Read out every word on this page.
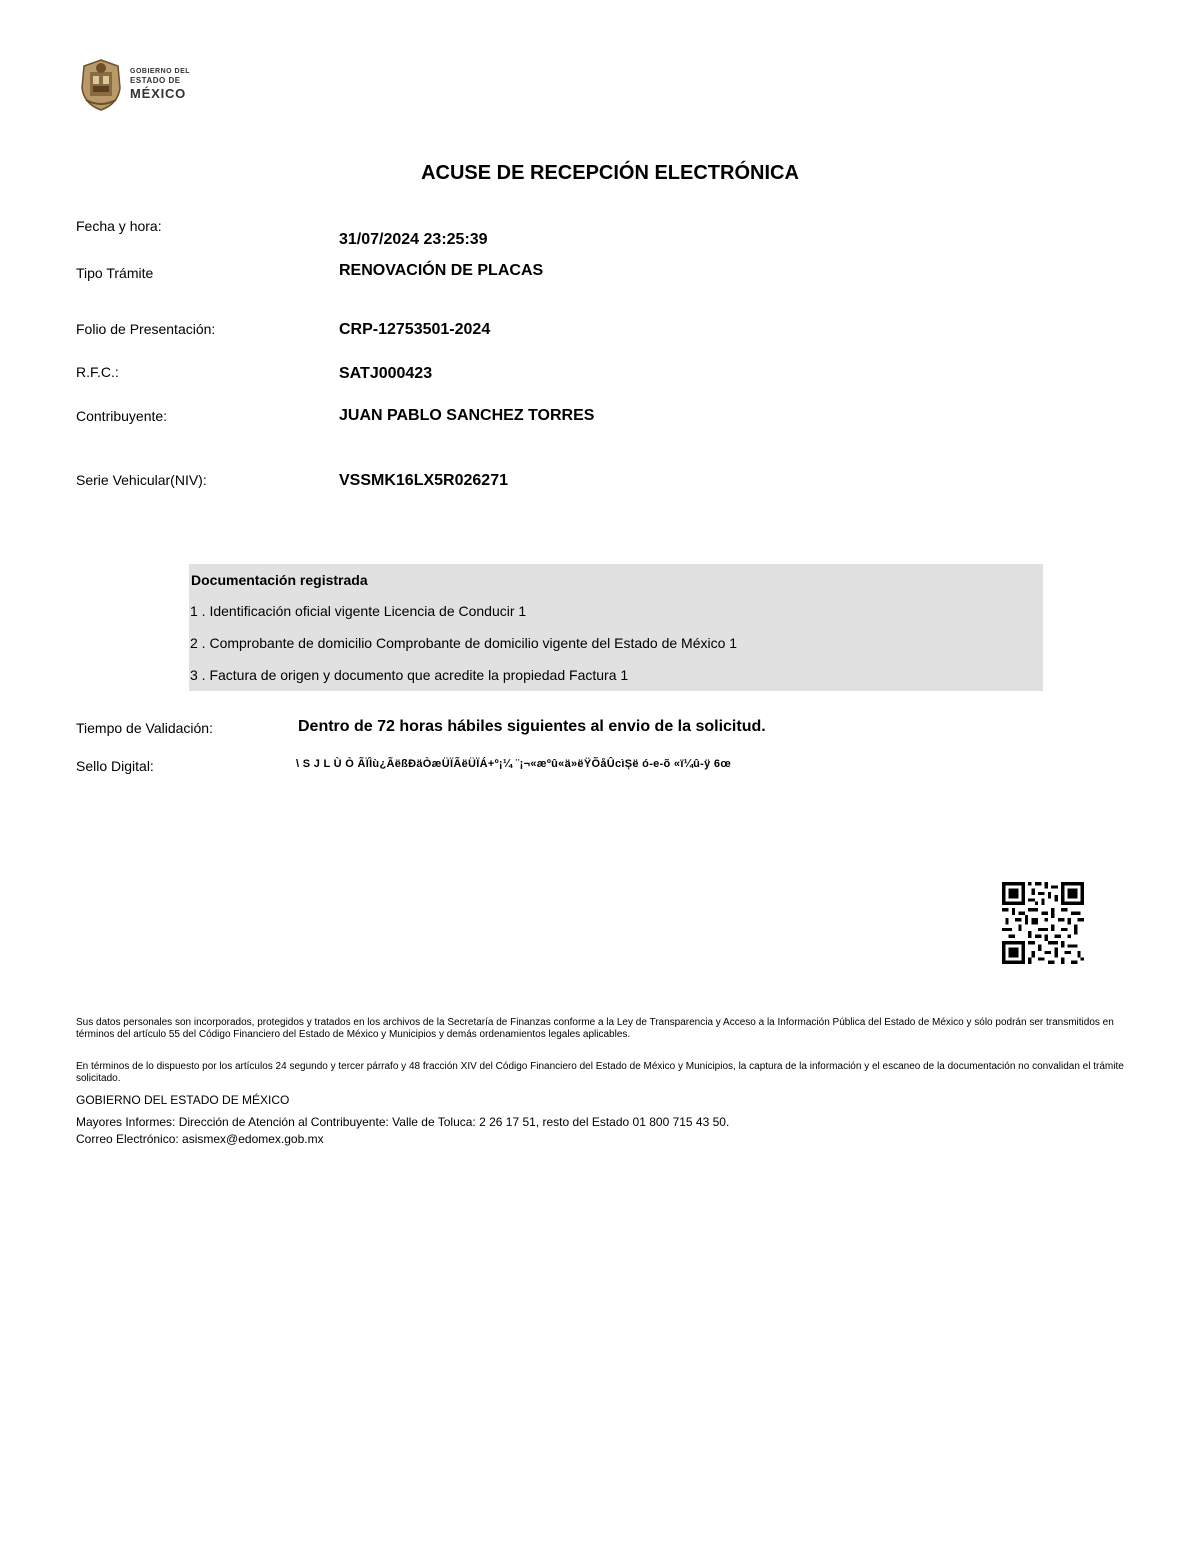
GOBIERNO DEL
ESTADO DE
MÉXICO
ACUSE DE RECEPCIÓN ELECTRÓNICA
Fecha y hora:
31/07/2024 23:25:39
Tipo Trámite	RENOVACIÓN DE PLACAS
Folio de Presentación:	CRP-12753501-2024
R.F.C.:	SATJ000423
Contribuyente:	JUAN PABLO SANCHEZ TORRES
Serie Vehicular(NIV):	VSSMK16LX5R026271
Documentación registrada
1 . Identificación oficial vigente Licencia de Conducir 1
2 . Comprobante de domicilio Comprobante de domicilio vigente del Estado de México 1
3 . Factura de origen y documento que acredite la propiedad Factura 1
Tiempo de Validación:	Dentro de 72 horas hábiles siguientes al envio de la solicitud.
Sello Digital:	\ S J L Ù Ò ÃÏÌù¿ÃëßÐäÒæÜÏÃëÜÏÁ+º¡¼ ¨¡¬«æºû«ä»ëŸÕåÛcìȘë ó-e-õ «ï¼û-ÿ 6œ
Sus datos personales son incorporados, protegidos y tratados en los archivos de la Secretaría de Finanzas conforme a la Ley de Transparencia y Acceso a la Información Pública del Estado de México y sólo podrán ser transmitidos en términos del artículo 55 del Código Financiero del Estado de México y Municipios y demás ordenamientos legales aplicables.
En términos de lo dispuesto por los artículos 24 segundo y tercer párrafo y 48 fracción XIV del Código Financiero del Estado de México y Municipios, la captura de la información y el escaneo de la documentación no convalidan el trámite solicitado.
GOBIERNO DEL ESTADO DE MÉXICO
Mayores Informes: Dirección de Atención al Contribuyente: Valle de Toluca: 2 26 17 51, resto del Estado 01 800 715 43 50.
Correo Electrónico: asismex@edomex.gob.mx
